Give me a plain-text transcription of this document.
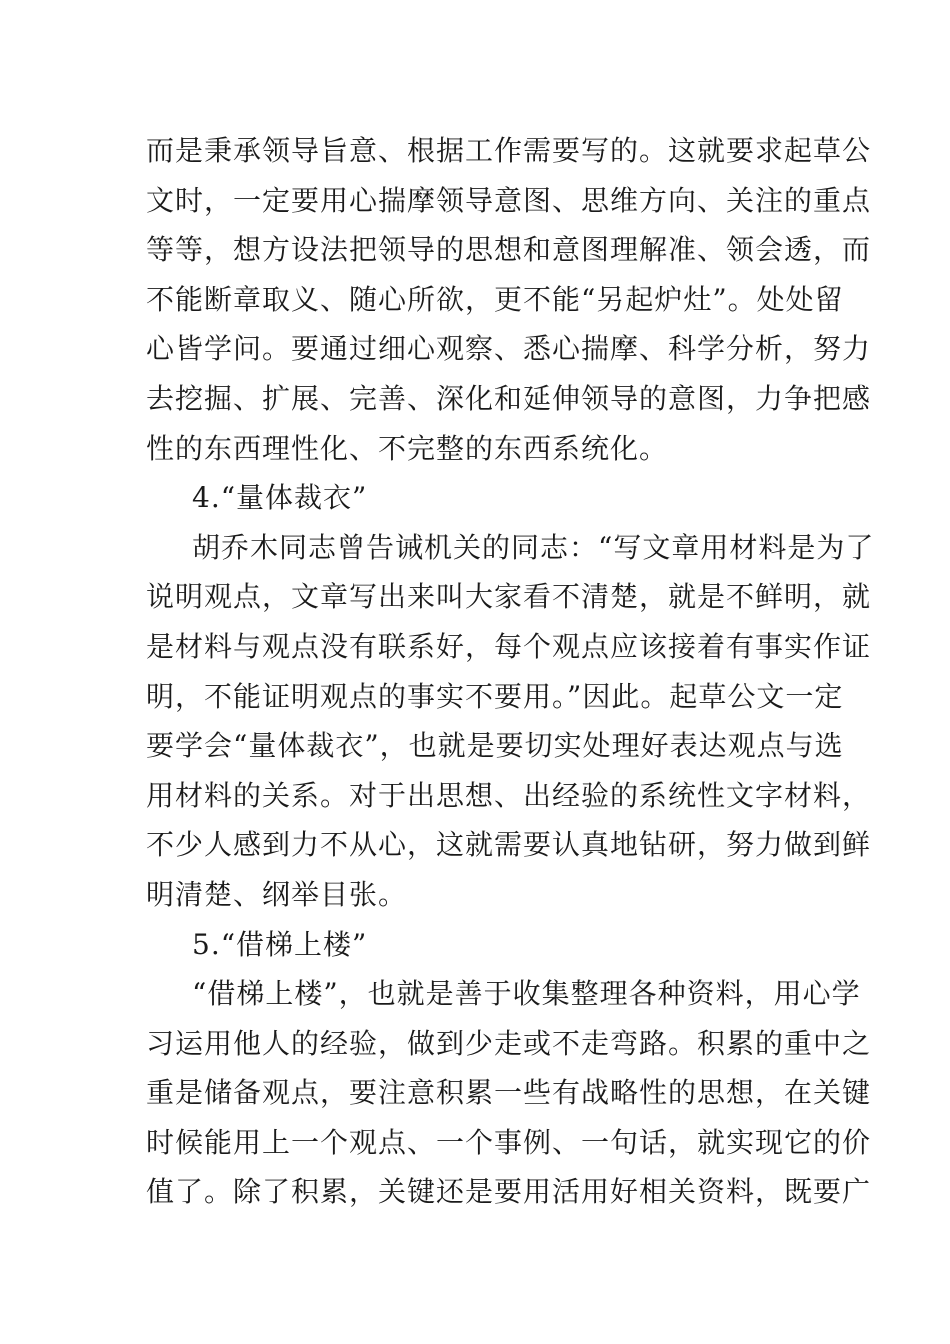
而是秉承领导旨意、根据工作需要写的。这就要求起草公
文时，一定要用心揣摩领导意图、思维方向、关注的重点
等等，想方设法把领导的思想和意图理解准、领会透，而
不能断章取义、随心所欲，更不能“另起炉灶”。处处留
心皆学问。要通过细心观察、悉心揣摩、科学分析，努力
去挖掘、扩展、完善、深化和延伸领导的意图，力争把感
性的东西理性化、不完整的东西系统化。
4.“量体裁衣”
胡乔木同志曾告诫机关的同志：“写文章用材料是为了
说明观点，文章写出来叫大家看不清楚，就是不鲜明，就
是材料与观点没有联系好，每个观点应该接着有事实作证
明，不能证明观点的事实不要用。”因此。起草公文一定
要学会“量体裁衣”，也就是要切实处理好表达观点与选
用材料的关系。对于出思想、出经验的系统性文字材料，
不少人感到力不从心，这就需要认真地钻研，努力做到鲜
明清楚、纲举目张。
5.“借梯上楼”
“借梯上楼”，也就是善于收集整理各种资料，用心学
习运用他人的经验，做到少走或不走弯路。积累的重中之
重是储备观点，要注意积累一些有战略性的思想，在关键
时候能用上一个观点、一个事例、一句话，就实现它的价
值了。除了积累，关键还是要用活用好相关资料，既要广
